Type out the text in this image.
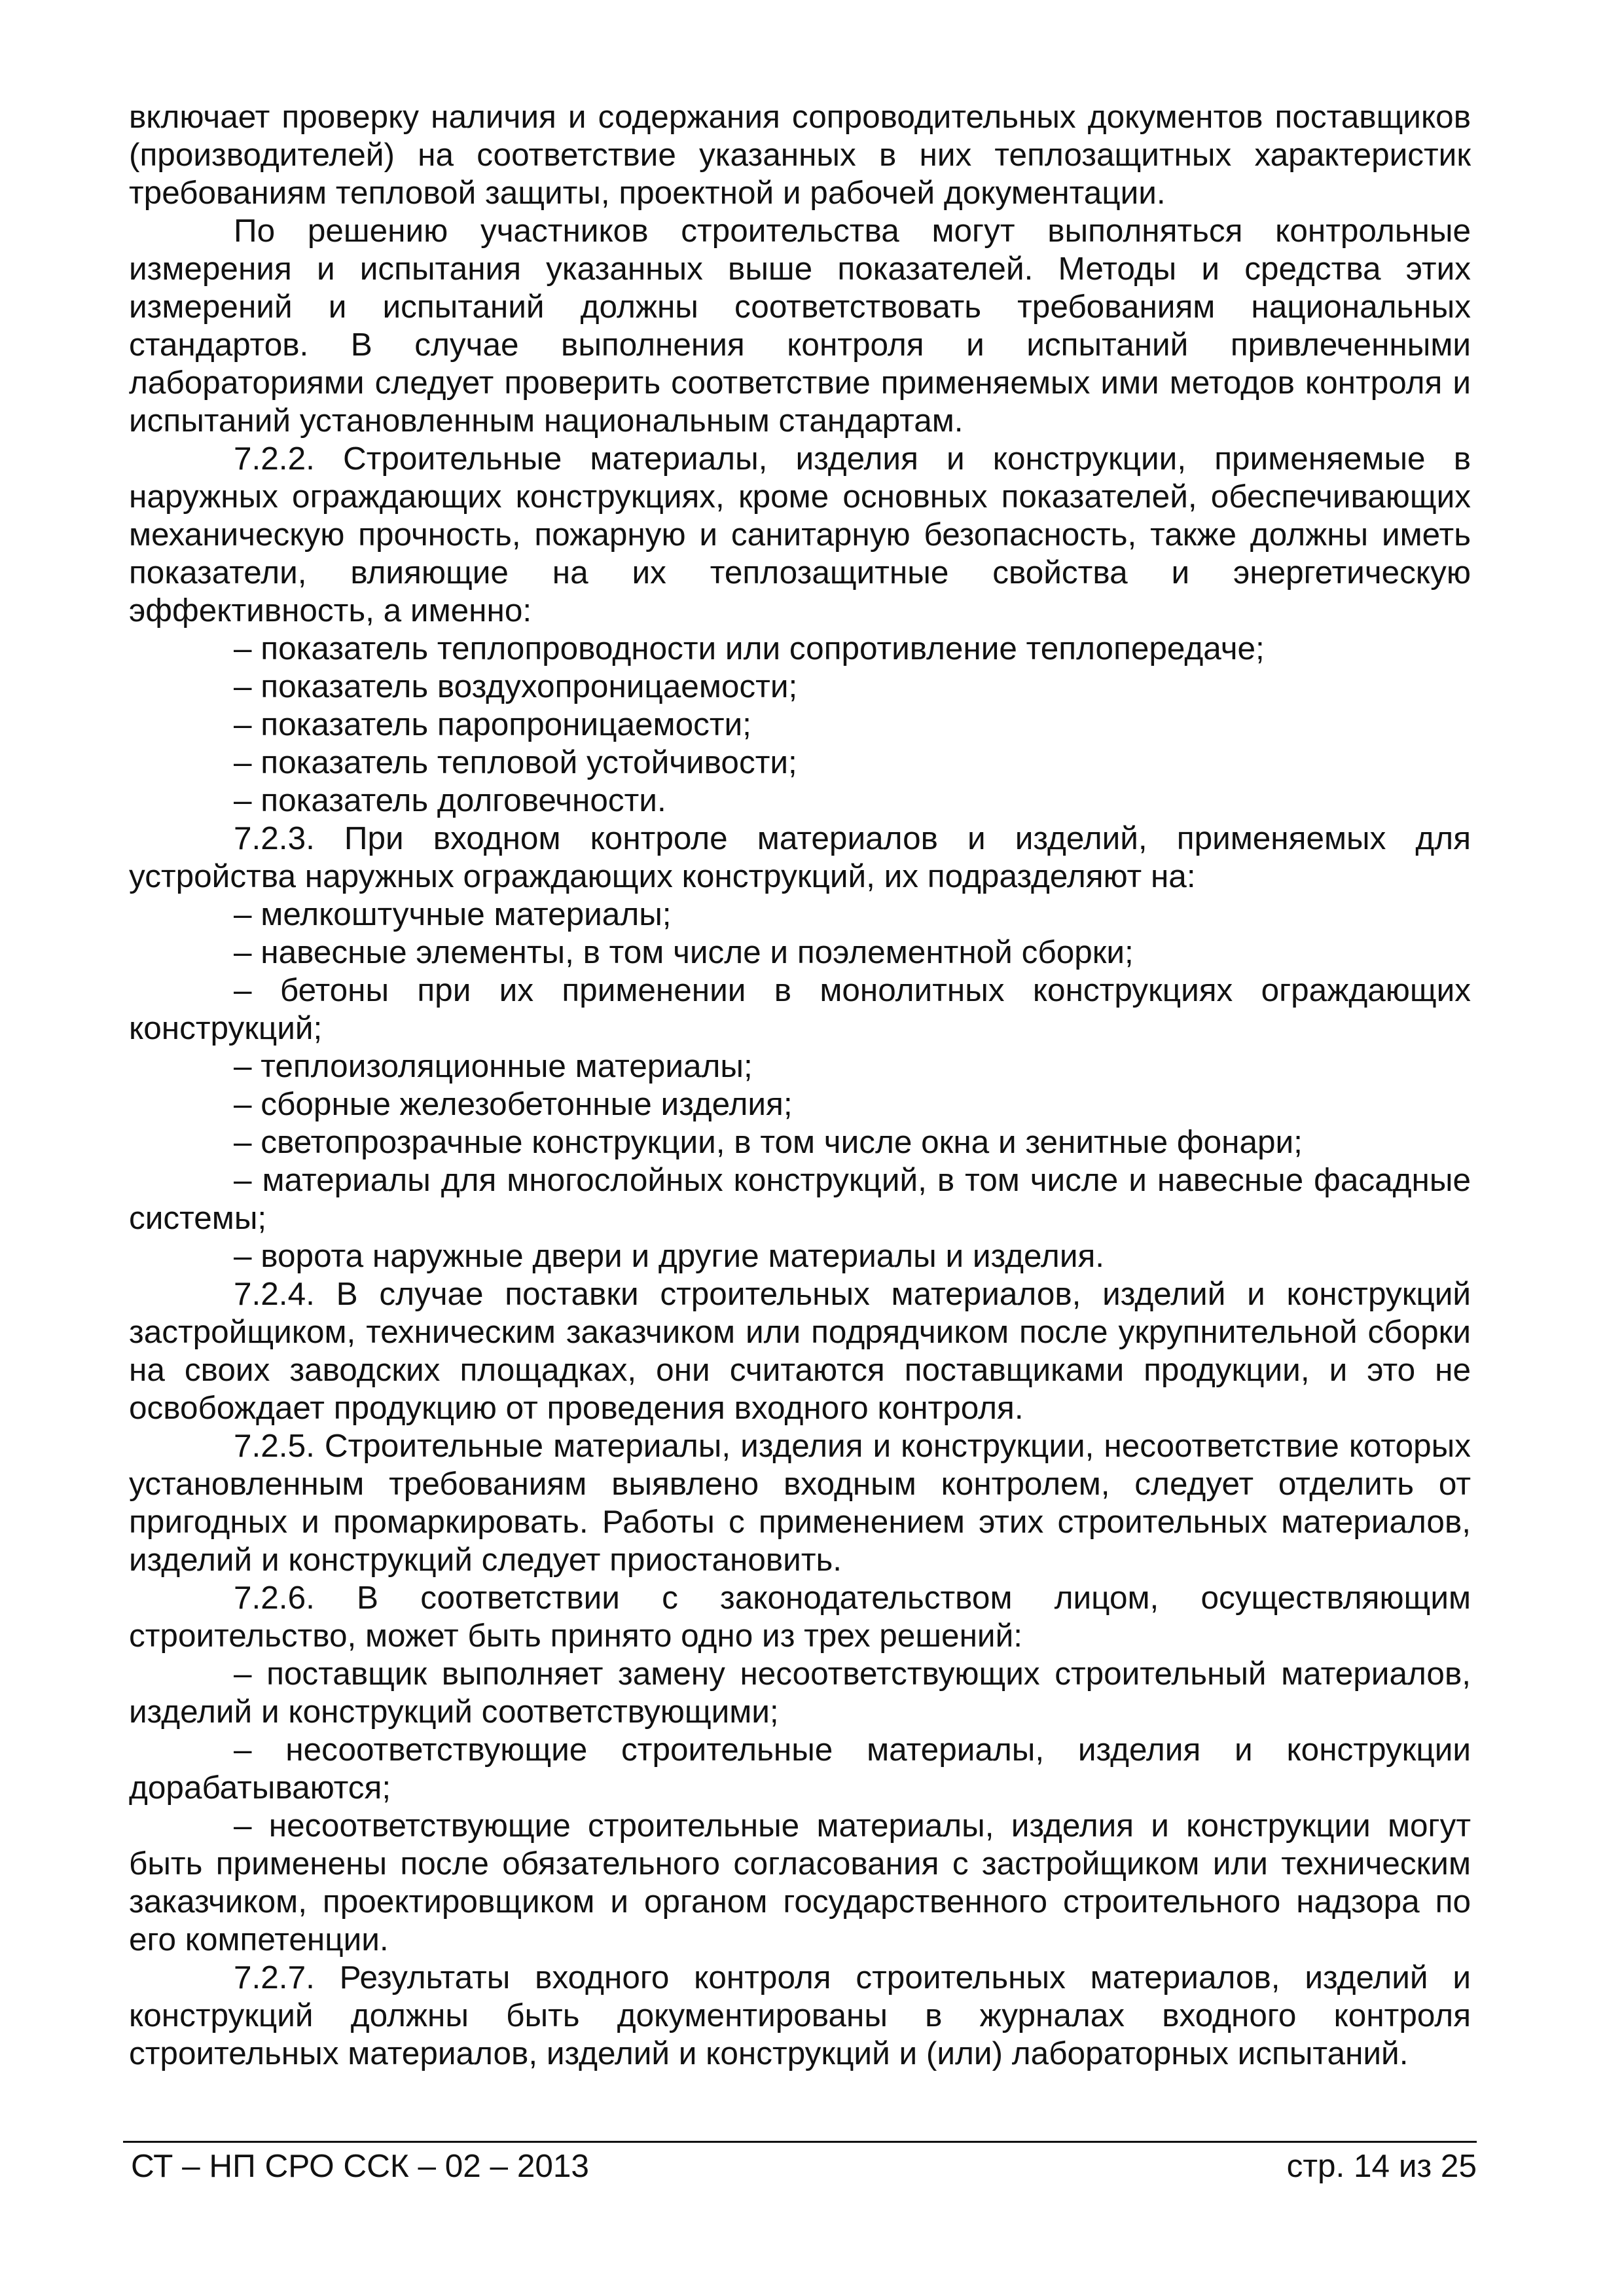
включает проверку наличия и содержания сопроводительных документов поставщиков (производителей) на соответствие указанных в них теплозащитных характеристик требованиям тепловой защиты, проектной и рабочей документации.

По решению участников строительства могут выполняться контрольные измерения и испытания указанных выше показателей. Методы и средства этих измерений и испытаний должны соответствовать требованиям национальных стандартов. В случае выполнения контроля и испытаний привлеченными лабораториями следует проверить соответствие применяемых ими методов контроля и испытаний установленным национальным стандартам.

7.2.2. Строительные материалы, изделия и конструкции, применяемые в наружных ограждающих конструкциях, кроме основных показателей, обеспечивающих механическую прочность, пожарную и санитарную безопасность, также должны иметь показатели, влияющие на их теплозащитные свойства и энергетическую эффективность, а именно:

– показатель теплопроводности или сопротивление теплопередаче;

– показатель воздухопроницаемости;

– показатель паропроницаемости;

– показатель тепловой устойчивости;

– показатель долговечности.

7.2.3. При входном контроле материалов и изделий, применяемых для устройства наружных ограждающих конструкций, их подразделяют на:

– мелкоштучные материалы;

– навесные элементы, в том числе и поэлементной сборки;

– бетоны при их применении в монолитных конструкциях ограждающих конструкций;

– теплоизоляционные материалы;

– сборные железобетонные изделия;

– светопрозрачные конструкции, в том числе окна и зенитные фонари;

– материалы для многослойных конструкций, в том числе и навесные фасадные системы;

– ворота наружные двери и другие материалы и изделия.

7.2.4. В случае поставки строительных материалов, изделий и конструкций застройщиком, техническим заказчиком или подрядчиком после укрупнительной сборки на своих заводских площадках, они считаются поставщиками продукции, и это не освобождает продукцию от проведения входного контроля.

7.2.5. Строительные материалы, изделия и конструкции, несоответствие которых установленным требованиям выявлено входным контролем, следует отделить от пригодных и промаркировать. Работы с применением этих строительных материалов, изделий и конструкций следует приостановить.

7.2.6. В соответствии с законодательством лицом, осуществляющим строительство, может быть принято одно из трех решений:

– поставщик выполняет замену несоответствующих строительный материалов, изделий и конструкций соответствующими;

– несоответствующие строительные материалы, изделия и конструкции дорабатываются;

– несоответствующие строительные материалы, изделия и конструкции могут быть применены после обязательного согласования с застройщиком или техническим заказчиком, проектировщиком и органом государственного строительного надзора по его компетенции.

7.2.7. Результаты входного контроля строительных материалов, изделий и конструкций должны быть документированы в журналах входного контроля строительных материалов, изделий и конструкций и (или) лабораторных испытаний.

СТ – НП СРО ССК – 02 – 2013	стр. 14 из 25
